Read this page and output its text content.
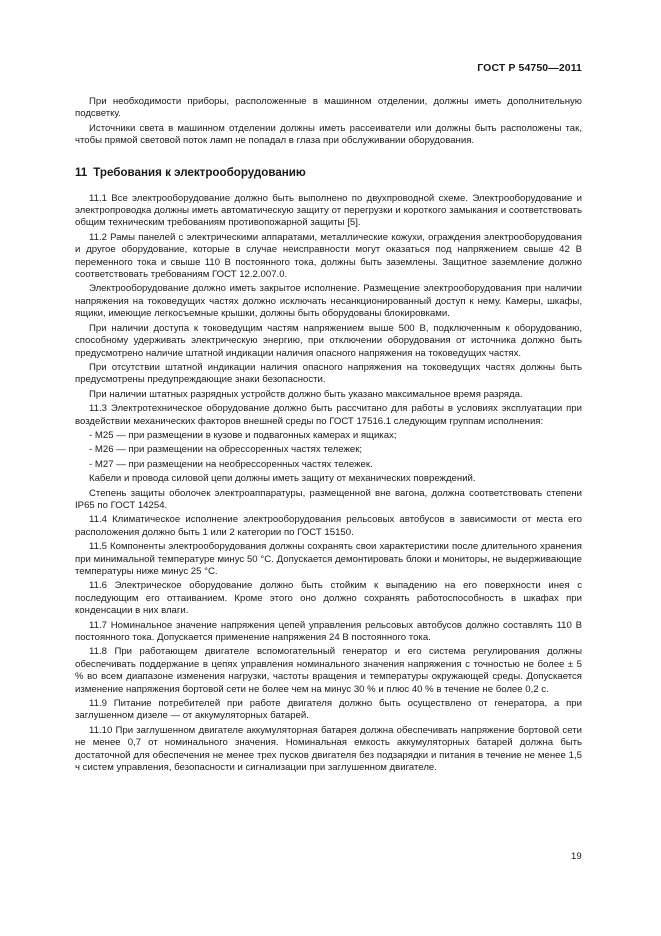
ГОСТ Р 54750—2011

При необходимости приборы, расположенные в машинном отделении, должны иметь дополнительную подсветку.

Источники света в машинном отделении должны иметь рассеиватели или должны быть расположены так, чтобы прямой световой поток ламп не попадал в глаза при обслуживании оборудования.

11 Требования к электрооборудованию

11.1 Все электрооборудование должно быть выполнено по двухпроводной схеме. Электрооборудование и электропроводка должны иметь автоматическую защиту от перегрузки и короткого замыкания и соответствовать общим техническим требованиям противопожарной защиты [5].

11.2 Рамы панелей с электрическими аппаратами, металлические кожухи, ограждения электрооборудования и другое оборудование, которые в случае неисправности могут оказаться под напряжением свыше 42 В переменного тока и свыше 110 В постоянного тока, должны быть заземлены. Защитное заземление должно соответствовать требованиям ГОСТ 12.2.007.0.

Электрооборудование должно иметь закрытое исполнение. Размещение электрооборудования при наличии напряжения на токоведущих частях должно исключать несанкционированный доступ к нему. Камеры, шкафы, ящики, имеющие легкосъемные крышки, должны быть оборудованы блокировками.

При наличии доступа к токоведущим частям напряжением выше 500 В, подключенным к оборудованию, способному удерживать электрическую энергию, при отключении оборудования от источника должно быть предусмотрено наличие штатной индикации наличия опасного напряжения на токоведущих частях.

При отсутствии штатной индикации наличия опасного напряжения на токоведущих частях должны быть предусмотрены предупреждающие знаки безопасности.

При наличии штатных разрядных устройств должно быть указано максимальное время разряда.

11.3 Электротехническое оборудование должно быть рассчитано для работы в условиях эксплуатации при воздействии механических факторов внешней среды по ГОСТ 17516.1 следующим группам исполнения:

- М25 — при размещении в кузове и подвагонных камерах и ящиках;

- М26 — при размещении на обрессоренных частях тележек;

- М27 — при размещении на необрессоренных частях тележек.

Кабели и провода силовой цепи должны иметь защиту от механических повреждений.

Степень защиты оболочек электроаппаратуры, размещенной вне вагона, должна соответствовать степени IP65 по ГОСТ 14254.

11.4 Климатическое исполнение электрооборудования рельсовых автобусов в зависимости от места его расположения должно быть 1 или 2 категории по ГОСТ 15150.

11.5 Компоненты электрооборудования должны сохранять свои характеристики после длительного хранения при минимальной температуре минус 50 °С. Допускается демонтировать блоки и мониторы, не выдерживающие температуры ниже минус 25 °С.

11.6 Электрическое оборудование должно быть стойким к выпадению на его поверхности инея с последующим его оттаиванием. Кроме этого оно должно сохранять работоспособность в шкафах при конденсации в них влаги.

11.7 Номинальное значение напряжения цепей управления рельсовых автобусов должно составлять 110 В постоянного тока. Допускается применение напряжения 24 В постоянного тока.

11.8 При работающем двигателе вспомогательный генератор и его система регулирования должны обеспечивать поддержание в цепях управления номинального значения напряжения с точностью не более ± 5 % во всем диапазоне изменения нагрузки, частоты вращения и температуры окружающей среды. Допускается изменение напряжения бортовой сети не более чем на минус 30 % и плюс 40 % в течение не более 0,2 с.

11.9 Питание потребителей при работе двигателя должно быть осуществлено от генератора, а при заглушенном дизеле — от аккумуляторных батарей.

11.10 При заглушенном двигателе аккумуляторная батарея должна обеспечивать напряжение бортовой сети не менее 0,7 от номинального значения. Номинальная емкость аккумуляторных батарей должна быть достаточной для обеспечения не менее трех пусков двигателя без подзарядки и питания в течение не менее 1,5 ч систем управления, безопасности и сигнализации при заглушенном двигателе.

19
